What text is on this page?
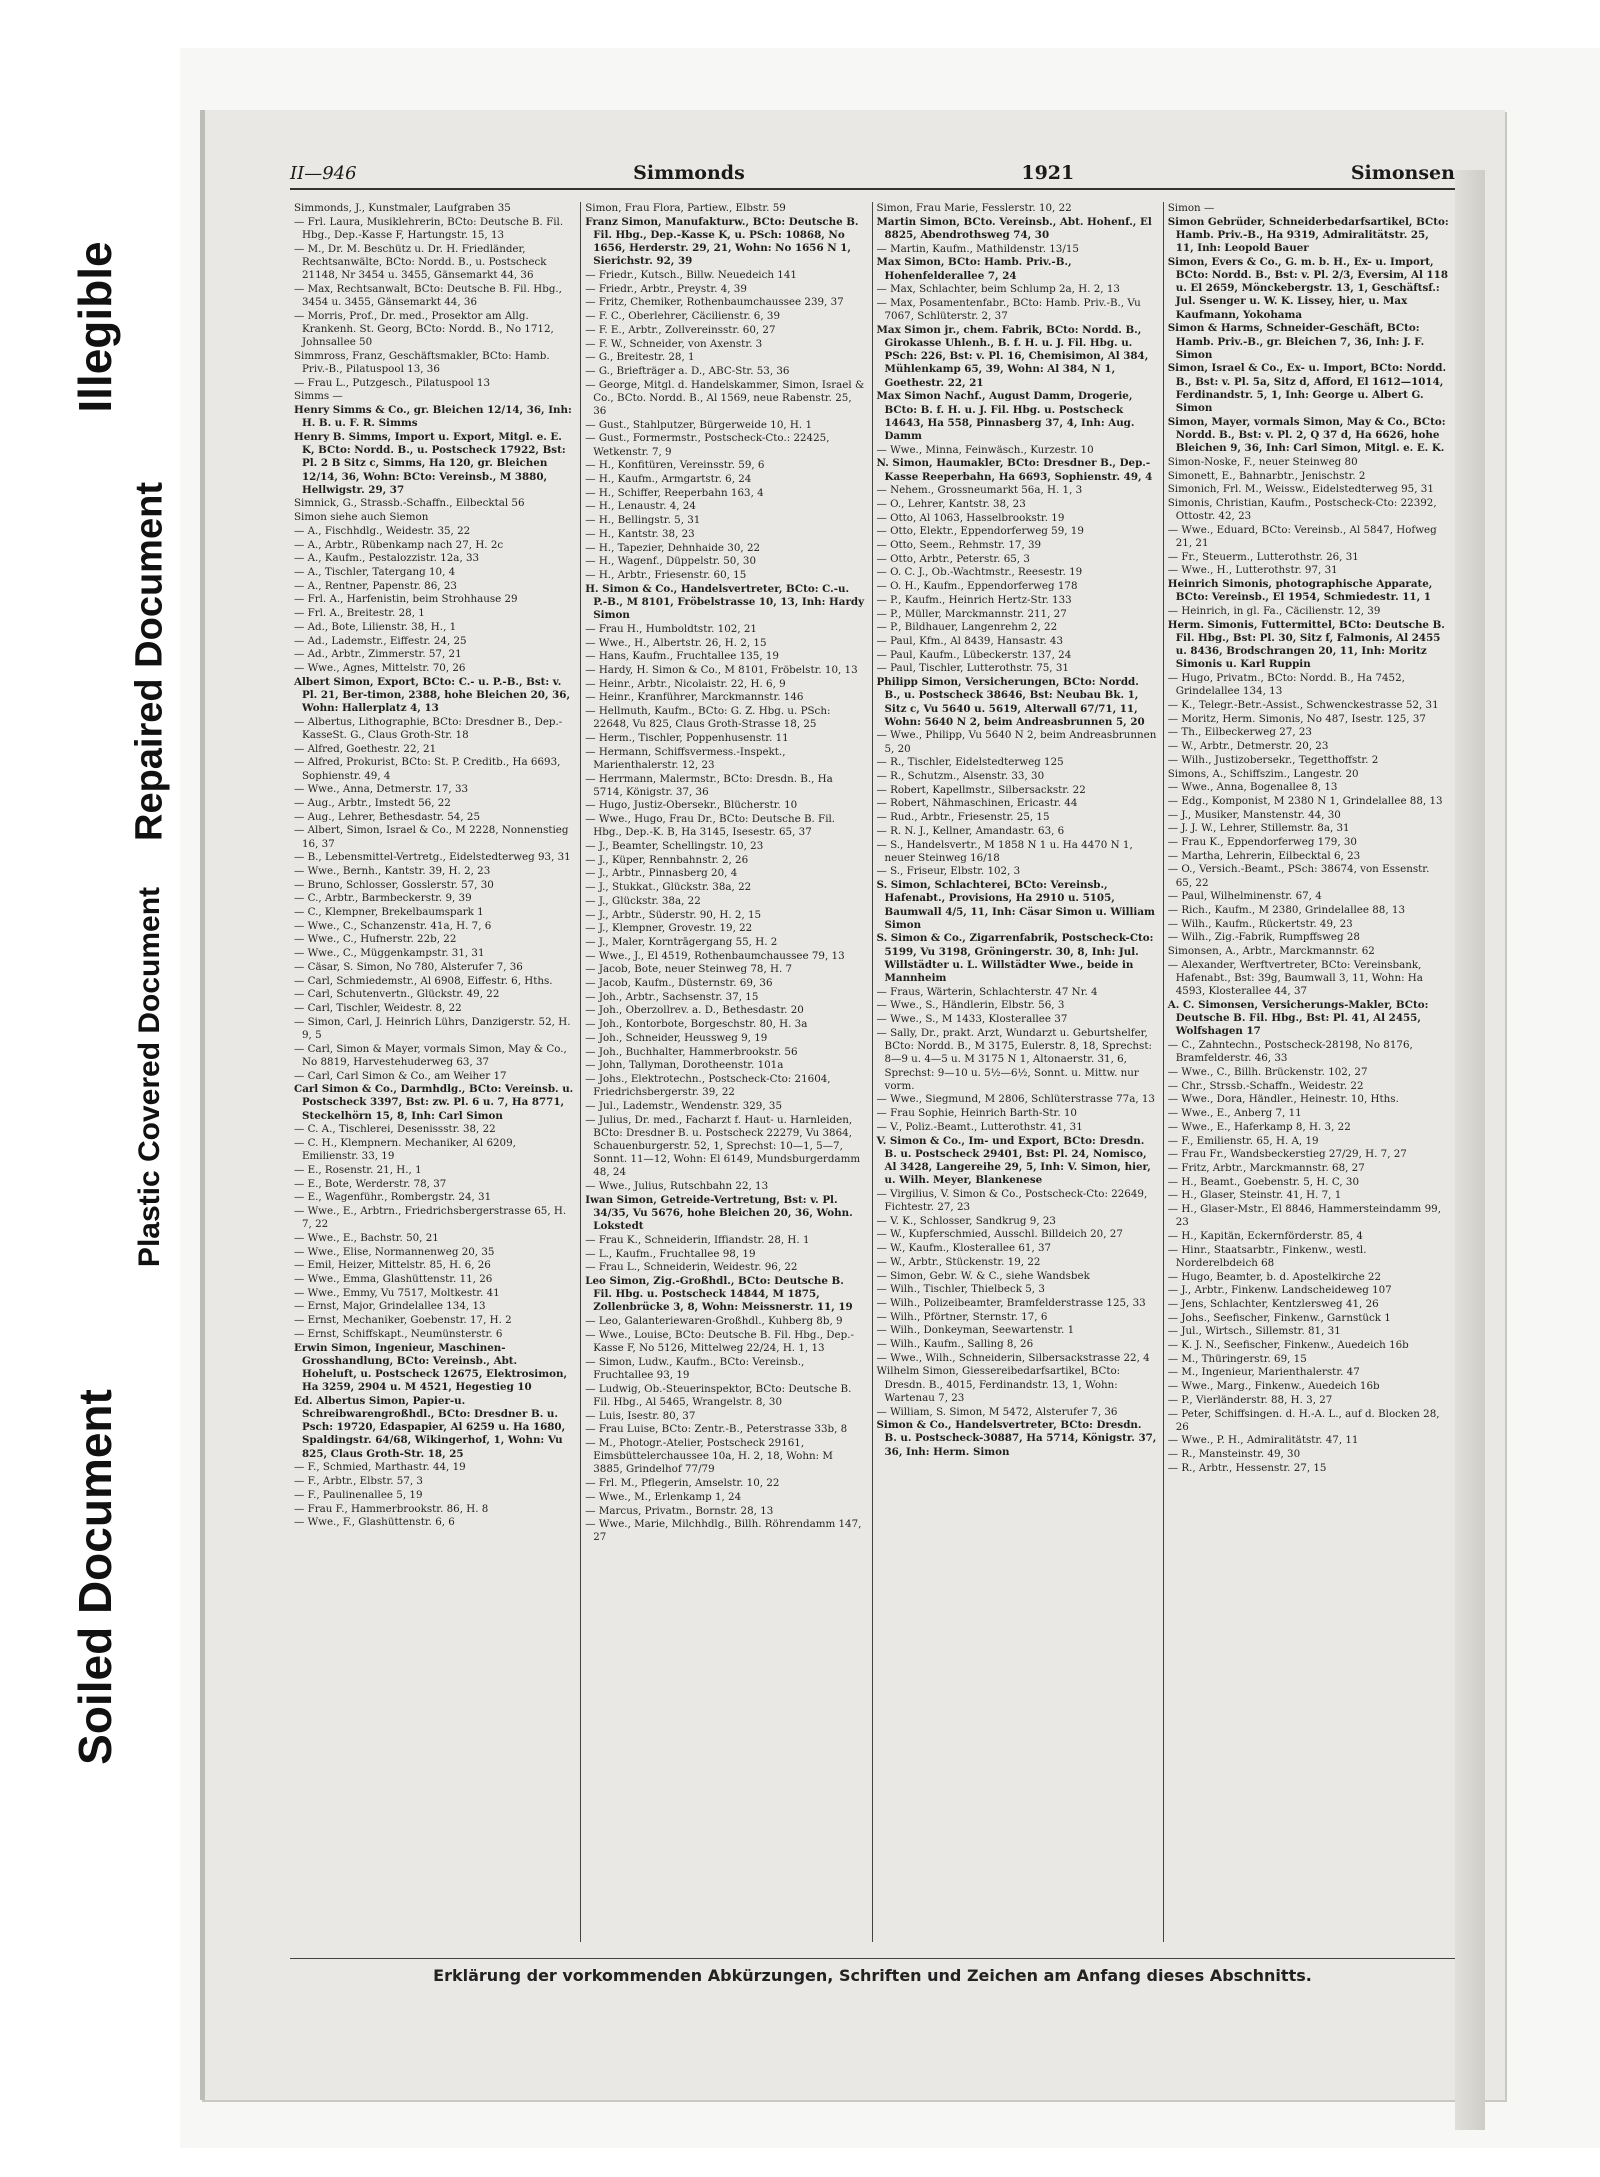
Illegible
Repaired Document
Plastic Covered Document
Soiled Document
II—946	Simmonds	1921	Simonsen

Simmonds, J., Kunstmaler, Laufgraben 35

— Frl. Laura, Musiklehrerin, BCto: Deutsche B. Fil. Hbg., Dep.-Kasse F, Hartungstr. 15, 13

— M., Dr. M. Beschütz u. Dr. H. Friedländer, Rechtsanwälte, BCto: Nordd. B., u. Postscheck 21148, Nr 3454 u. 3455, Gänsemarkt 44, 36

— Max, Rechtsanwalt, BCto: Deutsche B. Fil. Hbg., 3454 u. 3455, Gänsemarkt 44, 36

— Morris, Prof., Dr. med., Prosektor am Allg. Krankenh. St. Georg, BCto: Nordd. B., No 1712, Johnsallee 50

Simmross, Franz, Geschäftsmakler, BCto: Hamb. Priv.-B., Pilatuspool 13, 36

— Frau L., Putzgesch., Pilatuspool 13

Simms —

Henry Simms & Co., gr. Bleichen 12/14, 36, Inh: H. B. u. F. R. Simms

Henry B. Simms, Import u. Export, Mitgl. e. E. K, BCto: Nordd. B., u. Postscheck 17922, Bst: Pl. 2 B Sitz c, Simms, Ha 120, gr. Bleichen 12/14, 36, Wohn: BCto: Vereinsb., M 3880, Hellwigstr. 29, 37

Simnick, G., Strassb.-Schaffn., Eilbecktal 56

Simon siehe auch Siemon

— A., Fischhdlg., Weidestr. 35, 22

— A., Arbtr., Rübenkamp nach 27, H. 2c

— A., Kaufm., Pestalozzistr. 12a, 33

— A., Tischler, Tatergang 10, 4

— A., Rentner, Papenstr. 86, 23

— Frl. A., Harfenistin, beim Strohhause 29

— Frl. A., Breitestr. 28, 1

— Ad., Bote, Lilienstr. 38, H., 1

— Ad., Lademstr., Eiffestr. 24, 25

— Ad., Arbtr., Zimmerstr. 57, 21

— Wwe., Agnes, Mittelstr. 70, 26

Albert Simon, Export, BCto: C.- u. P.-B., Bst: v. Pl. 21, Ber-timon, 2388, hohe Bleichen 20, 36, Wohn: Hallerplatz 4, 13

— Albertus, Lithographie, BCto: Dresdner B., Dep.-KasseSt. G., Claus Groth-Str. 18

— Alfred, Goethestr. 22, 21

— Alfred, Prokurist, BCto: St. P. Creditb., Ha 6693, Sophienstr. 49, 4

— Wwe., Anna, Detmerstr. 17, 33

— Aug., Arbtr., Imstedt 56, 22

— Aug., Lehrer, Bethesdastr. 54, 25

— Albert, Simon, Israel & Co., M 2228, Nonnenstieg 16, 37

— B., Lebensmittel-Vertretg., Eidelstedterweg 93, 31

— Wwe., Bernh., Kantstr. 39, H. 2, 23

— Bruno, Schlosser, Gosslerstr. 57, 30

— C., Arbtr., Barmbeckerstr. 9, 39

— C., Klempner, Brekelbaumspark 1

— Wwe., C., Schanzenstr. 41a, H. 7, 6

— Wwe., C., Hufnerstr. 22b, 22

— Wwe., C., Müggenkampstr. 31, 31

— Cäsar, S. Simon, No 780, Alsterufer 7, 36

— Carl, Schmiedemstr., Al 6908, Eiffestr. 6, Hths.

— Carl, Schutenvertn., Glückstr. 49, 22

— Carl, Tischler, Weidestr. 8, 22

— Simon, Carl, J. Heinrich Lührs, Danzigerstr. 52, H. 9, 5

— Carl, Simon & Mayer, vormals Simon, May & Co., No 8819, Harvestehuderweg 63, 37

— Carl, Carl Simon & Co., am Weiher 17

Carl Simon & Co., Darmhdlg., BCto: Vereinsb. u. Postscheck 3397, Bst: zw. Pl. 6 u. 7, Ha 8771, Steckelhörn 15, 8, Inh: Carl Simon

— C. A., Tischlerei, Desenissstr. 38, 22

— C. H., Klempnern. Mechaniker, Al 6209, Emilienstr. 33, 19

— E., Rosenstr. 21, H., 1

— E., Bote, Werderstr. 78, 37

— E., Wagenführ., Rombergstr. 24, 31

— Wwe., E., Arbtrn., Friedrichsbergerstrasse 65, H. 7, 22

— Wwe., E., Bachstr. 50, 21

— Wwe., Elise, Normannenweg 20, 35

— Emil, Heizer, Mittelstr. 85, H. 6, 26

— Wwe., Emma, Glashüttenstr. 11, 26

— Wwe., Emmy, Vu 7517, Moltkestr. 41

— Ernst, Major, Grindelallee 134, 13

— Ernst, Mechaniker, Goebenstr. 17, H. 2

— Ernst, Schiffskapt., Neumünsterstr. 6

Erwin Simon, Ingenieur, Maschinen-Grosshandlung, BCto: Vereinsb., Abt. Hoheluft, u. Postscheck 12675, Elektrosimon, Ha 3259, 2904 u. M 4521, Hegestieg 10

Ed. Albertus Simon, Papier-u. Schreibwarengroßhdl., BCto: Dresdner B. u. Psch: 19720, Edaspapier, Al 6259 u. Ha 1680, Spaldingstr. 64/68, Wikingerhof, 1, Wohn: Vu 825, Claus Groth-Str. 18, 25

— F., Schmied, Marthastr. 44, 19

— F., Arbtr., Elbstr. 57, 3

— F., Paulinenallee 5, 19

— Frau F., Hammerbrookstr. 86, H. 8

— Wwe., F., Glashüttenstr. 6, 6

Simon, Frau Flora, Partiew., Elbstr. 59

Franz Simon, Manufakturw., BCto: Deutsche B. Fil. Hbg., Dep.-Kasse K, u. PSch: 10868, No 1656, Herderstr. 29, 21, Wohn: No 1656 N 1, Sierichstr. 92, 39

— Friedr., Kutsch., Billw. Neuedeich 141

— Friedr., Arbtr., Preystr. 4, 39

— Fritz, Chemiker, Rothenbaumchaussee 239, 37

— F. C., Oberlehrer, Cäcilienstr. 6, 39

— F. E., Arbtr., Zollvereinsstr. 60, 27

— F. W., Schneider, von Axenstr. 3

— G., Breitestr. 28, 1

— G., Briefträger a. D., ABC-Str. 53, 36

— George, Mitgl. d. Handelskammer, Simon, Israel & Co., BCto. Nordd. B., Al 1569, neue Rabenstr. 25, 36

— Gust., Stahlputzer, Bürgerweide 10, H. 1

— Gust., Formermstr., Postscheck-Cto.: 22425, Wetkenstr. 7, 9

— H., Konfitüren, Vereinsstr. 59, 6

— H., Kaufm., Armgartstr. 6, 24

— H., Schiffer, Reeperbahn 163, 4

— H., Lenaustr. 4, 24

— H., Bellingstr. 5, 31

— H., Kantstr. 38, 23

— H., Tapezier, Dehnhaide 30, 22

— H., Wagenf., Düppelstr. 50, 30

— H., Arbtr., Friesenstr. 60, 15

H. Simon & Co., Handelsvertreter, BCto: C.-u. P.-B., M 8101, Fröbelstrasse 10, 13, Inh: Hardy Simon

— Frau H., Humboldtstr. 102, 21

— Wwe., H., Albertstr. 26, H. 2, 15

— Hans, Kaufm., Fruchtallee 135, 19

— Hardy, H. Simon & Co., M 8101, Fröbelstr. 10, 13

— Heinr., Arbtr., Nicolaistr. 22, H. 6, 9

— Heinr., Kranführer, Marckmannstr. 146

— Hellmuth, Kaufm., BCto: G. Z. Hbg. u. PSch: 22648, Vu 825, Claus Groth-Strasse 18, 25

— Herm., Tischler, Poppenhusenstr. 11

— Hermann, Schiffsvermess.-Inspekt., Marienthalerstr. 12, 23

— Herrmann, Malermstr., BCto: Dresdn. B., Ha 5714, Königstr. 37, 36

— Hugo, Justiz-Obersekr., Blücherstr. 10

— Wwe., Hugo, Frau Dr., BCto: Deutsche B. Fil. Hbg., Dep.-K. B, Ha 3145, Isesestr. 65, 37

— J., Beamter, Schellingstr. 10, 23

— J., Küper, Rennbahnstr. 2, 26

— J., Arbtr., Pinnasberg 20, 4

— J., Stukkat., Glückstr. 38a, 22

— J., Glückstr. 38a, 22

— J., Arbtr., Süderstr. 90, H. 2, 15

— J., Klempner, Grovestr. 19, 22

— J., Maler, Korntrāgergang 55, H. 2

— Wwe., J., El 4519, Rothenbaumchaussee 79, 13

— Jacob, Bote, neuer Steinweg 78, H. 7

— Jacob, Kaufm., Düsternstr. 69, 36

— Joh., Arbtr., Sachsenstr. 37, 15

— Joh., Oberzollrev. a. D., Bethesdastr. 20

— Joh., Kontorbote, Borgeschstr. 80, H. 3a

— Joh., Schneider, Heussweg 9, 19

— Joh., Buchhalter, Hammerbrookstr. 56

— John, Tallyman, Dorotheenstr. 101a

— Johs., Elektrotechn., Postscheck-Cto: 21604, Friedrichsbergerstr. 39, 22

— Jul., Lademstr., Wendenstr. 329, 35

— Julius, Dr. med., Facharzt f. Haut- u. Harnleiden, BCto: Dresdner B. u. Postscheck 22279, Vu 3864, Schauenburgerstr. 52, 1, Sprechst: 10—1, 5—7, Sonnt. 11—12, Wohn: El 6149, Mundsburgerdamm 48, 24

— Wwe., Julius, Rutschbahn 22, 13

Iwan Simon, Getreide-Vertretung, Bst: v. Pl. 34/35, Vu 5676, hohe Bleichen 20, 36, Wohn. Lokstedt

— Frau K., Schneiderin, Iffiandstr. 28, H. 1

— L., Kaufm., Fruchtallee 98, 19

— Frau L., Schneiderin, Weidestr. 96, 22

Leo Simon, Zig.-Großhdl., BCto: Deutsche B. Fil. Hbg. u. Postscheck 14844, M 1875, Zollenbrücke 3, 8, Wohn: Meissnerstr. 11, 19

— Leo, Galanteriewaren-Großhdl., Kuhberg 8b, 9

— Wwe., Louise, BCto: Deutsche B. Fil. Hbg., Dep.-Kasse F, No 5126, Mittelweg 22/24, H. 1, 13

— Simon, Ludw., Kaufm., BCto: Vereinsb., Fruchtallee 93, 19

— Ludwig, Ob.-Steuerinspektor, BCto: Deutsche B. Fil. Hbg., Al 5465, Wrangelstr. 8, 30

— Luis, Isestr. 80, 37

— Frau Luise, BCto: Zentr.-B., Peterstrasse 33b, 8

— M., Photogr.-Atelier, Postscheck 29161, Eimsbüttelerchaussee 10a, H. 2, 18, Wohn: M 3885, Grindelhof 77/79

— Frl. M., Pflegerin, Amselstr. 10, 22

— Wwe., M., Erlenkamp 1, 24

— Marcus, Privatm., Bornstr. 28, 13

— Wwe., Marie, Milchhdlg., Billh. Röhrendamm 147, 27

Simon, Frau Marie, Fesslerstr. 10, 22

Martin Simon, BCto. Vereinsb., Abt. Hohenf., El 8825, Abendrothsweg 74, 30

— Martin, Kaufm., Mathildenstr. 13/15

Max Simon, BCto: Hamb. Priv.-B., Hohenfelderallee 7, 24

— Max, Schlachter, beim Schlump 2a, H. 2, 13

— Max, Posamentenfabr., BCto: Hamb. Priv.-B., Vu 7067, Schlüterstr. 2, 37

Max Simon jr., chem. Fabrik, BCto: Nordd. B., Girokasse Uhlenh., B. f. H. u. J. Fil. Hbg. u. PSch: 226, Bst: v. Pl. 16, Chemisimon, Al 384, Mühlenkamp 65, 39, Wohn: Al 384, N 1, Goethestr. 22, 21

Max Simon Nachf., August Damm, Drogerie, BCto: B. f. H. u. J. Fil. Hbg. u. Postscheck 14643, Ha 558, Pinnasberg 37, 4, Inh: Aug. Damm

— Wwe., Minna, Feinwäsch., Kurzestr. 10

N. Simon, Haumakler, BCto: Dresdner B., Dep.-Kasse Reeperbahn, Ha 6693, Sophienstr. 49, 4

— Nehem., Grossneumarkt 56a, H. 1, 3

— O., Lehrer, Kantstr. 38, 23

— Otto, Al 1063, Hasselbrookstr. 19

— Otto, Elektr., Eppendorferweg 59, 19

— Otto, Seem., Rehmstr. 17, 39

— Otto, Arbtr., Peterstr. 65, 3

— O. C. J., Ob.-Wachtmstr., Reesestr. 19

— O. H., Kaufm., Eppendorferweg 178

— P., Kaufm., Heinrich Hertz-Str. 133

— P., Müller, Marckmannstr. 211, 27

— P., Bildhauer, Langenrehm 2, 22

— Paul, Kfm., Al 8439, Hansastr. 43

— Paul, Kaufm., Lübeckerstr. 137, 24

— Paul, Tischler, Lutterothstr. 75, 31

Philipp Simon, Versicherungen, BCto: Nordd. B., u. Postscheck 38646, Bst: Neubau Bk. 1, Sitz c, Vu 5640 u. 5619, Alterwall 67/71, 11, Wohn: 5640 N 2, beim Andreasbrunnen 5, 20

— Wwe., Philipp, Vu 5640 N 2, beim Andreasbrunnen 5, 20

— R., Tischler, Eidelstedterweg 125

— R., Schutzm., Alsenstr. 33, 30

— Robert, Kapellmstr., Silbersackstr. 22

— Robert, Nähmaschinen, Ericastr. 44

— Rud., Arbtr., Friesenstr. 25, 15

— R. N. J., Kellner, Amandastr. 63, 6

— S., Handelsvertr., M 1858 N 1 u. Ha 4470 N 1, neuer Steinweg 16/18

— S., Friseur, Elbstr. 102, 3

S. Simon, Schlachterei, BCto: Vereinsb., Hafenabt., Provisions, Ha 2910 u. 5105, Baumwall 4/5, 11, Inh: Cäsar Simon u. William Simon

S. Simon & Co., Zigarrenfabrik, Postscheck-Cto: 5199, Vu 3198, Gröningerstr. 30, 8, Inh: Jul. Willstädter u. L. Willstädter Wwe., beide in Mannheim

— Fraus, Wärterin, Schlachterstr. 47 Nr. 4

— Wwe., S., Händlerin, Elbstr. 56, 3

— Wwe., S., M 1433, Klosterallee 37

— Sally, Dr., prakt. Arzt, Wundarzt u. Geburtshelfer, BCto: Nordd. B., M 3175, Eulerstr. 8, 18, Sprechst: 8—9 u. 4—5 u. M 3175 N 1, Altonaerstr. 31, 6, Sprechst: 9—10 u. 5½—6½, Sonnt. u. Mittw. nur vorm.

— Wwe., Siegmund, M 2806, Schlüterstrasse 77a, 13

— Frau Sophie, Heinrich Barth-Str. 10

— V., Poliz.-Beamt., Lutterothstr. 41, 31

V. Simon & Co., Im- und Export, BCto: Dresdn. B. u. Postscheck 29401, Bst: Pl. 24, Nomisco, Al 3428, Langereihe 29, 5, Inh: V. Simon, hier, u. Wilh. Meyer, Blankenese

— Virgilius, V. Simon & Co., Postscheck-Cto: 22649, Fichtestr. 27, 23

— V. K., Schlosser, Sandkrug 9, 23

— W., Kupferschmied, Ausschl. Billdeich 20, 27

— W., Kaufm., Klosterallee 61, 37

— W., Arbtr., Stückenstr. 19, 22

— Simon, Gebr. W. & C., siehe Wandsbek

— Wilh., Tischler, Thielbeck 5, 3

— Wilh., Polizeibeamter, Bramfelderstrasse 125, 33

— Wilh., Pförtner, Sternstr. 17, 6

— Wilh., Donkeyman, Seewartenstr. 1

— Wilh., Kaufm., Salling 8, 26

— Wwe., Wilh., Schneiderin, Silbersackstrasse 22, 4

Wilhelm Simon, Giessereibedarfsartikel, BCto: Dresdn. B., 4015, Ferdinandstr. 13, 1, Wohn: Wartenau 7, 23

— William, S. Simon, M 5472, Alsterufer 7, 36

Simon & Co., Handelsvertreter, BCto: Dresdn. B. u. Postscheck-30887, Ha 5714, Königstr. 37, 36, Inh: Herm. Simon

Simon —

Simon Gebrüder, Schneiderbedarfsartikel, BCto: Hamb. Priv.-B., Ha 9319, Admiralitätstr. 25, 11, Inh: Leopold Bauer

Simon, Evers & Co., G. m. b. H., Ex- u. Import, BCto: Nordd. B., Bst: v. Pl. 2/3, Eversim, Al 118 u. El 2659, Mönckebergstr. 13, 1, Geschäftsf.: Jul. Ssenger u. W. K. Lissey, hier, u. Max Kaufmann, Yokohama

Simon & Harms, Schneider-Geschäft, BCto: Hamb. Priv.-B., gr. Bleichen 7, 36, Inh: J. F. Simon

Simon, Israel & Co., Ex- u. Import, BCto: Nordd. B., Bst: v. Pl. 5a, Sitz d, Afford, El 1612—1014, Ferdinandstr. 5, 1, Inh: George u. Albert G. Simon

Simon, Mayer, vormals Simon, May & Co., BCto: Nordd. B., Bst: v. Pl. 2, Q 37 d, Ha 6626, hohe Bleichen 9, 36, Inh: Carl Simon, Mitgl. e. E. K.

Simon-Noske, F., neuer Steinweg 80

Simonett, E., Bahnarbtr., Jenischstr. 2

Simonich, Frl. M., Weissw., Eidelstedterweg 95, 31

Simonis, Christian, Kaufm., Postscheck-Cto: 22392, Ottostr. 42, 23

— Wwe., Eduard, BCto: Vereinsb., Al 5847, Hofweg 21, 21

— Fr., Steuerm., Lutterothstr. 26, 31

— Wwe., H., Lutterothstr. 97, 31

Heinrich Simonis, photographische Apparate, BCto: Vereinsb., El 1954, Schmiedestr. 11, 1

— Heinrich, in gl. Fa., Cäcilienstr. 12, 39

Herm. Simonis, Futtermittel, BCto: Deutsche B. Fil. Hbg., Bst: Pl. 30, Sitz f, Falmonis, Al 2455 u. 8436, Brodschrangen 20, 11, Inh: Moritz Simonis u. Karl Ruppin

— Hugo, Privatm., BCto: Nordd. B., Ha 7452, Grindelallee 134, 13

— K., Telegr.-Betr.-Assist., Schwenckestrasse 52, 31

— Moritz, Herm. Simonis, No 487, Isestr. 125, 37

— Th., Eilbeckerweg 27, 23

— W., Arbtr., Detmerstr. 20, 23

— Wilh., Justizobersekr., Tegetthoffstr. 2

Simons, A., Schiffszim., Langestr. 20

— Wwe., Anna, Bogenallee 8, 13

— Edg., Komponist, M 2380 N 1, Grindelallee 88, 13

— J., Musiker, Manstenstr. 44, 30

— J. J. W., Lehrer, Stillemstr. 8a, 31

— Frau K., Eppendorferweg 179, 30

— Martha, Lehrerin, Eilbecktal 6, 23

— O., Versich.-Beamt., PSch: 38674, von Essenstr. 65, 22

— Paul, Wilhelminenstr. 67, 4

— Rich., Kaufm., M 2380, Grindelallee 88, 13

— Wilh., Kaufm., Rückertstr. 49, 23

— Wilh., Zig.-Fabrik, Rumpffsweg 28

Simonsen, A., Arbtr., Marckmannstr. 62

— Alexander, Werftvertreter, BCto: Vereinsbank, Hafenabt., Bst: 39g, Baumwall 3, 11, Wohn: Ha 4593, Klosterallee 44, 37

A. C. Simonsen, Versicherungs-Makler, BCto: Deutsche B. Fil. Hbg., Bst: Pl. 41, Al 2455, Wolfshagen 17

— C., Zahntechn., Postscheck-28198, No 8176, Bramfelderstr. 46, 33

— Wwe., C., Billh. Brückenstr. 102, 27

— Chr., Strssb.-Schaffn., Weidestr. 22

— Wwe., Dora, Händler., Heinestr. 10, Hths.

— Wwe., E., Anberg 7, 11

— Wwe., E., Haferkamp 8, H. 3, 22

— F., Emilienstr. 65, H. A, 19

— Frau Fr., Wandsbeckerstieg 27/29, H. 7, 27

— Fritz, Arbtr., Marckmannstr. 68, 27

— H., Beamt., Goebenstr. 5, H. C, 30

— H., Glaser, Steinstr. 41, H. 7, 1

— H., Glaser-Mstr., El 8846, Hammersteindamm 99, 23

— H., Kapitän, Eckernförderstr. 85, 4

— Hinr., Staatsarbtr., Finkenw., westl. Norderelbdeich 68

— Hugo, Beamter, b. d. Apostelkirche 22

— J., Arbtr., Finkenw. Landscheideweg 107

— Jens, Schlachter, Kentzlersweg 41, 26

— Johs., Seefischer, Finkenw., Garnstück 1

— Jul., Wirtsch., Sillemstr. 81, 31

— K. J. N., Seefischer, Finkenw., Auedeich 16b

— M., Thüringerstr. 69, 15

— M., Ingenieur, Marienthalerstr. 47

— Wwe., Marg., Finkenw., Auedeich 16b

— P., Vierländerstr. 88, H. 3, 27

— Peter, Schiffsingen. d. H.-A. L., auf d. Blocken 28, 26

— Wwe., P. H., Admiralitätstr. 47, 11

— R., Mansteinstr. 49, 30

— R., Arbtr., Hessenstr. 27, 15

Erklärung der vorkommenden Abkürzungen, Schriften und Zeichen am Anfang dieses Abschnitts.
